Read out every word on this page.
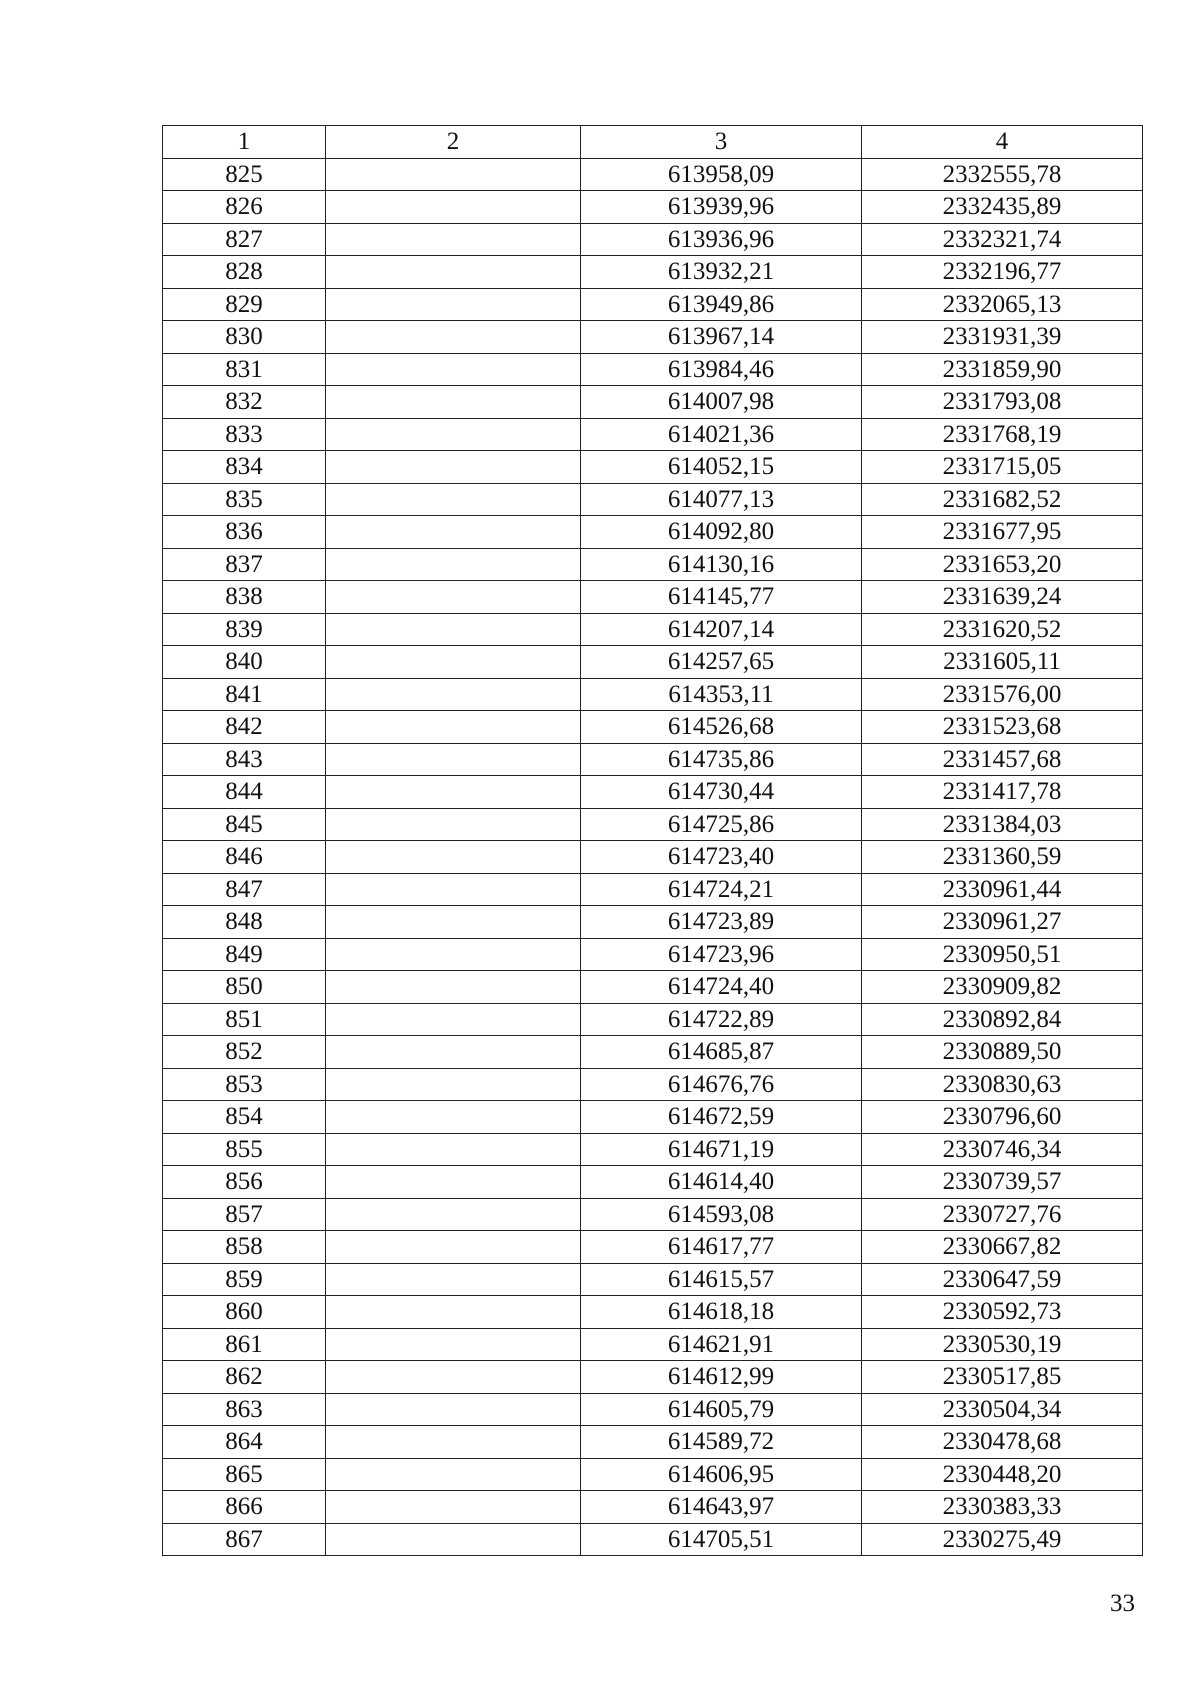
1	2	3	4
825		613958,09	2332555,78
826		613939,96	2332435,89
827		613936,96	2332321,74
828		613932,21	2332196,77
829		613949,86	2332065,13
830		613967,14	2331931,39
831		613984,46	2331859,90
832		614007,98	2331793,08
833		614021,36	2331768,19
834		614052,15	2331715,05
835		614077,13	2331682,52
836		614092,80	2331677,95
837		614130,16	2331653,20
838		614145,77	2331639,24
839		614207,14	2331620,52
840		614257,65	2331605,11
841		614353,11	2331576,00
842		614526,68	2331523,68
843		614735,86	2331457,68
844		614730,44	2331417,78
845		614725,86	2331384,03
846		614723,40	2331360,59
847		614724,21	2330961,44
848		614723,89	2330961,27
849		614723,96	2330950,51
850		614724,40	2330909,82
851		614722,89	2330892,84
852		614685,87	2330889,50
853		614676,76	2330830,63
854		614672,59	2330796,60
855		614671,19	2330746,34
856		614614,40	2330739,57
857		614593,08	2330727,76
858		614617,77	2330667,82
859		614615,57	2330647,59
860		614618,18	2330592,73
861		614621,91	2330530,19
862		614612,99	2330517,85
863		614605,79	2330504,34
864		614589,72	2330478,68
865		614606,95	2330448,20
866		614643,97	2330383,33
867		614705,51	2330275,49
33
